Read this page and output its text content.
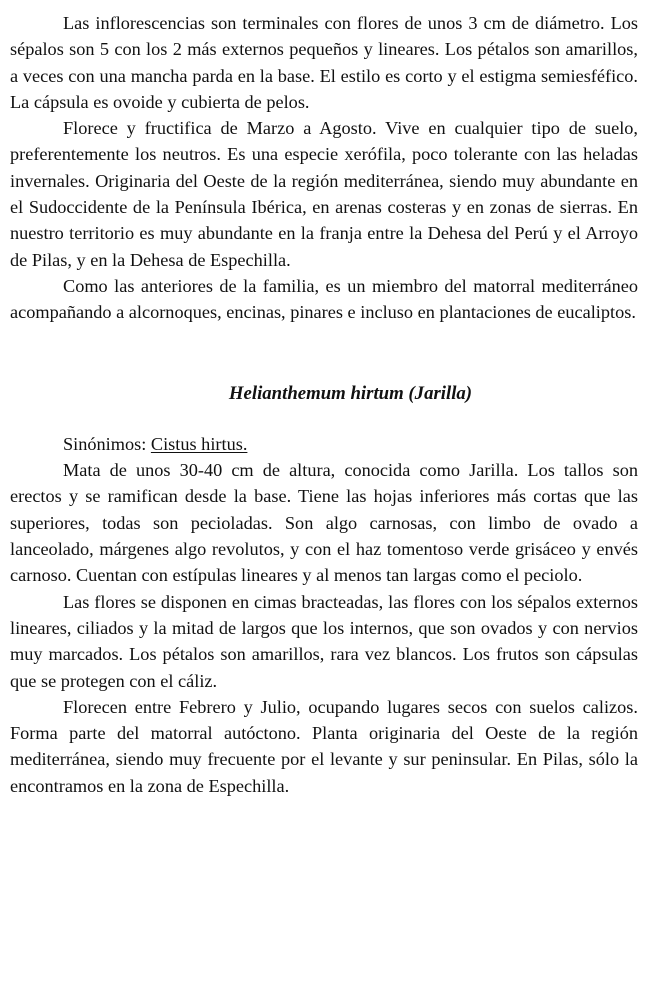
Las inflorescencias son terminales con flores de unos 3 cm de diámetro. Los sépalos son 5 con los 2 más externos pequeños y lineares. Los pétalos son amarillos, a veces con una mancha parda en la base. El estilo es corto y el estigma semiesféfico. La cápsula es ovoide y cubierta de pelos.

Florece y fructifica de Marzo a Agosto. Vive en cualquier tipo de suelo, preferentemente los neutros. Es una especie xerófila, poco tolerante con las heladas invernales. Originaria del Oeste de la región mediterránea, siendo muy abundante en el Sudoccidente de la Península Ibérica, en arenas costeras y en zonas de sierras. En nuestro territorio es muy abundante en la franja entre la Dehesa del Perú y el Arroyo de Pilas, y en la Dehesa de Espechilla.

Como las anteriores de la familia, es un miembro del matorral mediterráneo acompañando a alcornoques, encinas, pinares e incluso en plantaciones de eucaliptos.

Helianthemum hirtum (Jarilla)

Sinónimos: Cistus hirtus.

Mata de unos 30-40 cm de altura, conocida como Jarilla. Los tallos son erectos y se ramifican desde la base. Tiene las hojas inferiores más cortas que las superiores, todas son pecioladas. Son algo carnosas, con limbo de ovado a lanceolado, márgenes algo revolutos, y con el haz tomentoso verde grisáceo y envés carnoso. Cuentan con estípulas lineares y al menos tan largas como el peciolo.

Las flores se disponen en cimas bracteadas, las flores con los sépalos externos lineares, ciliados y la mitad de largos que los internos, que son ovados y con nervios muy marcados. Los pétalos son amarillos, rara vez blancos. Los frutos son cápsulas que se protegen con el cáliz.

Florecen entre Febrero y Julio, ocupando lugares secos con suelos calizos. Forma parte del matorral autóctono. Planta originaria del Oeste de la región mediterránea, siendo muy frecuente por el levante y sur peninsular. En Pilas, sólo la encontramos en la zona de Espechilla.
